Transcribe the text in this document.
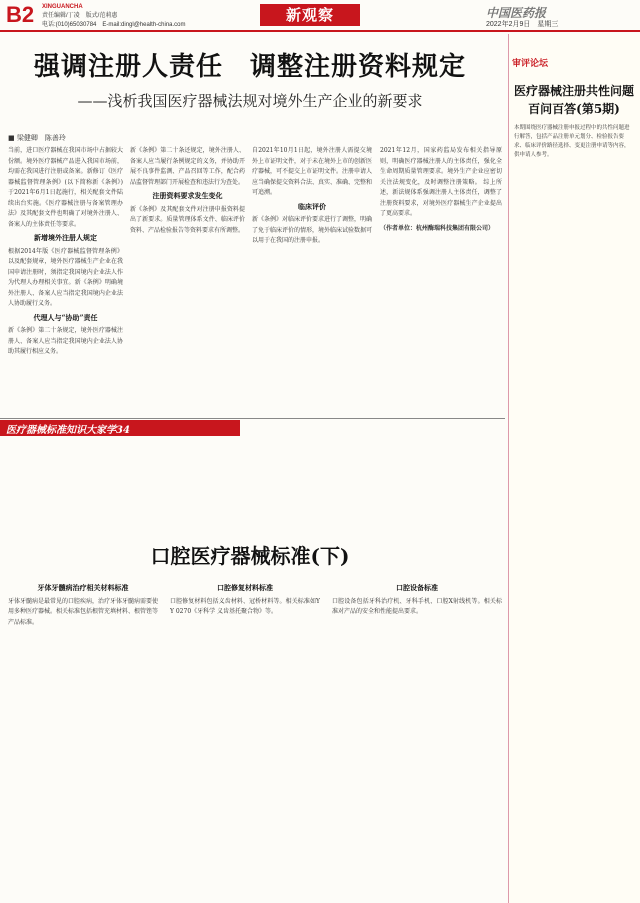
B2 XINGUANCHA
责任编辑/丁凌　版式/范莉惠
电话:(010)65030784　E-mail:dingl@health-china.com
新观察	中国医药报
2022年2月9日　星期三
强调注册人责任　调整注册资料规定
——浅析我国医疗器械法规对境外生产企业的新要求
■ 梁健卿　陈善玲
当前，进口医疗器械在我国市场中占据较大份额。境外医疗器械产品进入我国市场前，均需在我国进行注册或备案。新修订《医疗器械监督管理条例》(以下简称新《条例》)于2021年6月1日起施行，相关配套文件陆续出台实施。《医疗器械注册与备案管理办法》及其配套文件也明确了对境外注册人、备案人的主体责任等要求。
新增境外注册人规定
根据2014年版《医疗器械监督管理条例》以及配套规章，境外医疗器械生产企业在我国申请注册时，须指定我国境内企业法人作为代理人办理相关事宜。新《条例》明确境外注册人、备案人应当指定我国境内企业法人协助履行义务。
代理人与“协助”责任
新《条例》第二十条规定，境外医疗器械注册人、备案人应当指定我国境内企业法人协助其履行相应义务。
新《条例》第二十条还规定，境外注册人、备案人应当履行条例规定的义务，并协助开展不良事件监测、产品召回等工作，配合药品监督管理部门开展检查和违法行为查处。
注册资料要求发生变化
新《条例》及其配套文件对注册申报资料提出了新要求。质量管理体系文件、临床评价资料、产品检验报告等资料要求有所调整。
自2021年10月1日起，境外注册人需提交境外上市证明文件，对于未在境外上市的创新医疗器械，可不提交上市证明文件。注册申请人应当确保提交资料合法、真实、准确、完整和可追溯。
临床评价
新《条例》对临床评价要求进行了调整，明确了免于临床评价的情形，境外临床试验数据可以用于在我国的注册申报。
2021年12月，国家药监局发布相关指导原则，明确医疗器械注册人的主体责任，强化全生命周期质量管理要求。境外生产企业应密切关注法规变化，及时调整注册策略。 综上所述，新法规体系强调注册人主体责任，调整了注册资料要求，对境外医疗器械生产企业提出了更高要求。
（作者单位：杭州酶瑞科技集团有限公司）
医疗器械标准知识大家学34
口腔医疗器械标准(下)
牙体牙髓病治疗相关材料标准
牙体牙髓病是最常见的口腔疾病，治疗牙体牙髓病需要使用多种医疗器械。相关标准包括根管充填材料、根管锉等产品标准。
口腔修复材料标准
口腔修复材料包括义齿材料、冠桥材料等。相关标准如YY 0270《牙科学 义齿基托聚合物》等。
口腔设备标准
口腔设备包括牙科治疗机、牙科手机、口腔X射线机等。相关标准对产品的安全和性能提出要求。
审评论坛
医疗器械注册共性问题
百问百答(第5期)
本期围绕医疗器械注册申报过程中的共性问题进行解答，包括产品注册单元划分、检验报告要求、临床评价路径选择、变更注册申请等内容，供申请人参考。
